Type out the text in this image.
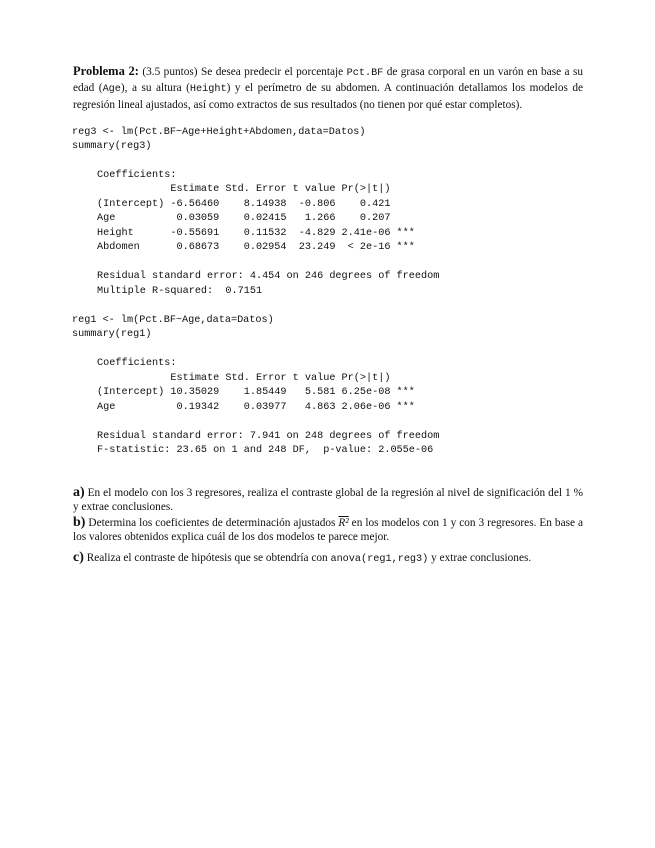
Problema 2: (3.5 puntos) Se desea predecir el porcentaje Pct.BF de grasa corporal en un varón en base a su edad (Age), a su altura (Height) y el perímetro de su abdomen. A continuación detallamos los modelos de regresión lineal ajustados, así como extractos de sus resultados (no tienen por qué estar completos).
reg3 <- lm(Pct.BF~Age+Height+Abdomen,data=Datos)
summary(reg3)
Coefficients:
Estimate Std. Error t value Pr(>|t|)
(Intercept) -6.56460    8.14938  -0.806    0.421
Age          0.03059    0.02415   1.266    0.207
Height      -0.55691    0.11532  -4.829 2.41e-06 ***
Abdomen      0.68673    0.02954  23.249  < 2e-16 ***
Residual standard error: 4.454 on 246 degrees of freedom
Multiple R-squared:  0.7151
reg1 <- lm(Pct.BF~Age,data=Datos)
summary(reg1)
Coefficients:
Estimate Std. Error t value Pr(>|t|)
(Intercept) 10.35029    1.85449   5.581 6.25e-08 ***
Age          0.19342    0.03977   4.863 2.06e-06 ***
Residual standard error: 7.941 on 248 degrees of freedom
F-statistic: 23.65 on 1 and 248 DF,  p-value: 2.055e-06
a) En el modelo con los 3 regresores, realiza el contraste global de la regresión al nivel de significación del 1 % y extrae conclusiones.
b) Determina los coeficientes de determinación ajustados R² en los modelos con 1 y con 3 regresores. En base a los valores obtenidos explica cuál de los dos modelos te parece mejor.
c) Realiza el contraste de hipótesis que se obtendría con anova(reg1,reg3) y extrae conclusiones.
